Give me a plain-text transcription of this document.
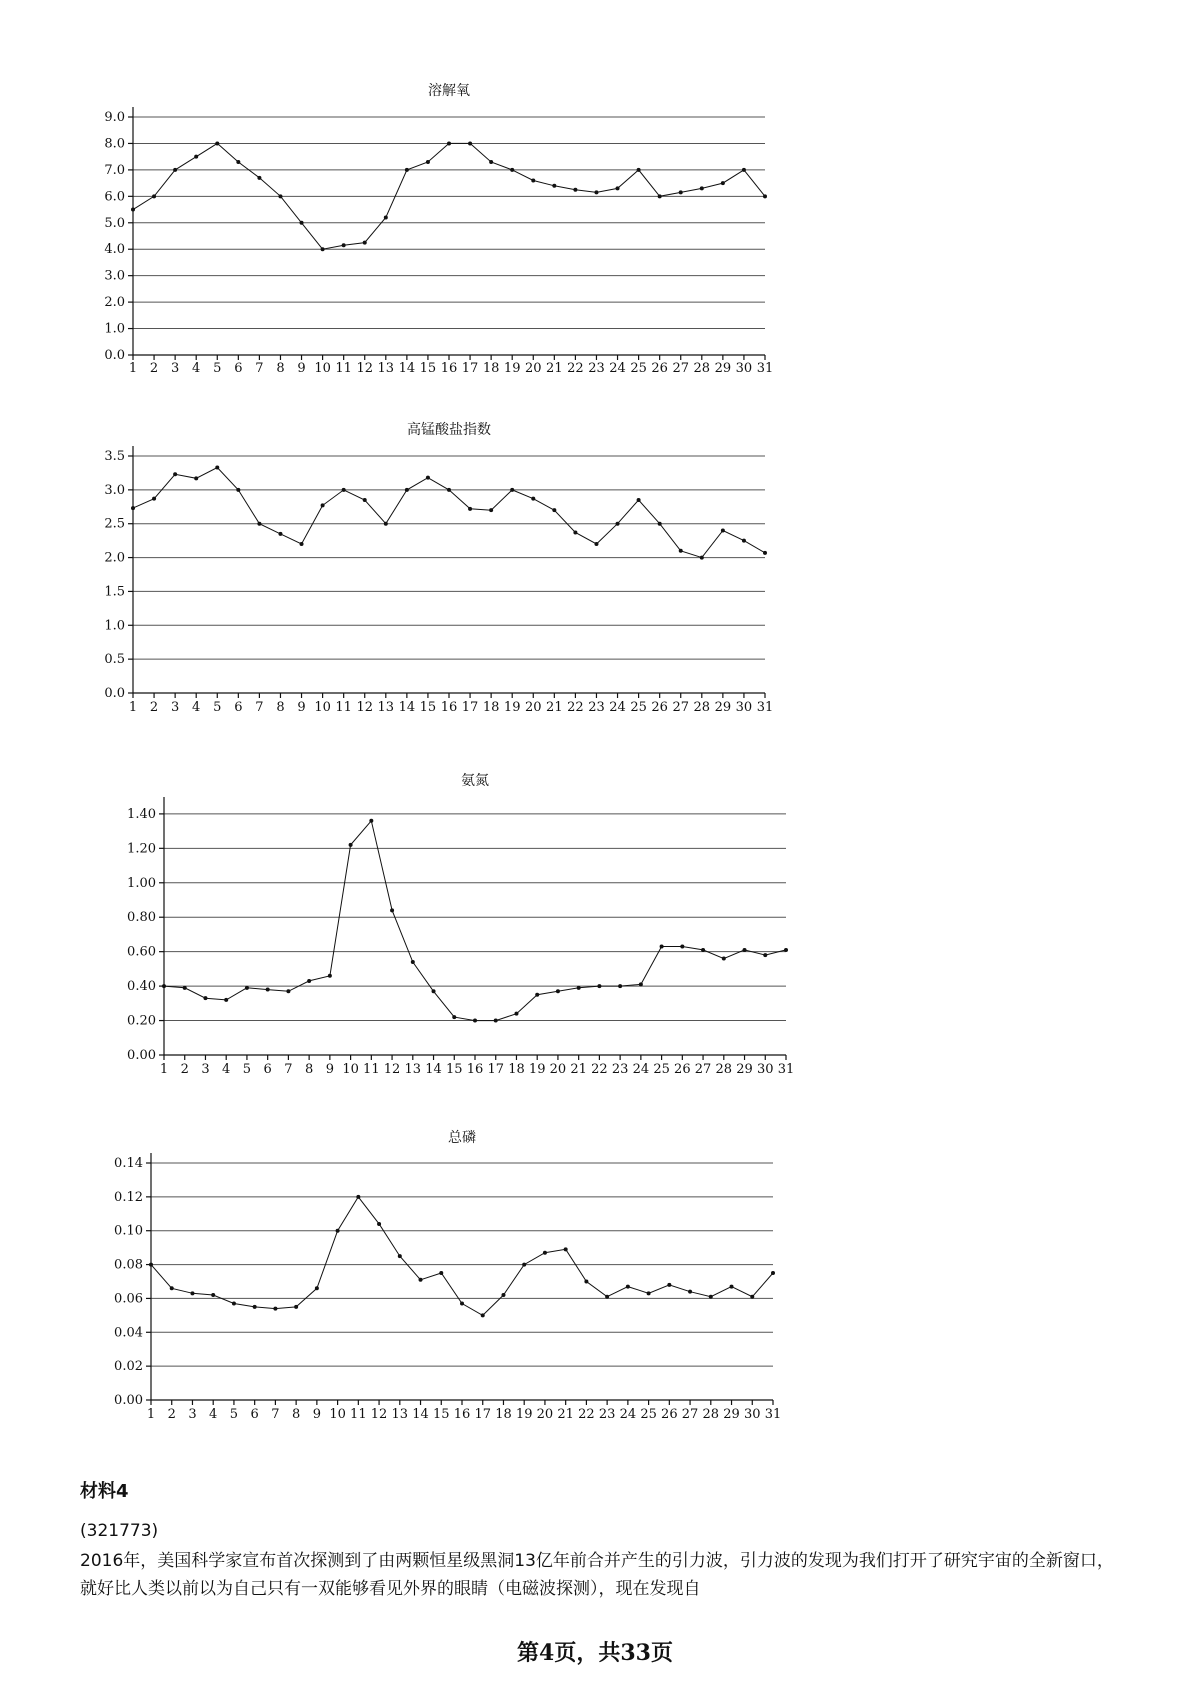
溶解氧
0.0
1.0
2.0
3.0
4.0
5.0
6.0
7.0
8.0
9.0
1 2 3 4 5 6 7 8 9 10 11 12 13 14 15 16 17 18 19 20 21 22 23 24 25 26 27 28 29 30 31
高锰酸盐指数
0.0
0.5
1.0
1.5
2.0
2.5
3.0
3.5
1 2 3 4 5 6 7 8 9 10 11 12 13 14 15 16 17 18 19 20 21 22 23 24 25 26 27 28 29 30 31
氨氮
0.00
0.20
0.40
0.60
0.80
1.00
1.20
1.40
1 2 3 4 5 6 7 8 9 10 11 12 13 14 15 16 17 18 19 20 21 22 23 24 25 26 27 28 29 30 31
总磷
0.00
0.02
0.04
0.06
0.08
0.10
0.12
0.14
1 2 3 4 5 6 7 8 9 10 11 12 13 14 15 16 17 18 19 20 21 22 23 24 25 26 27 28 29 30 31
材料4
(321773)
2016年，美国科学家宣布首次探测到了由两颗恒星级黑洞13亿年前合并产生的引力波，引力波的发现为我们打开了研究宇宙的全新窗口，就好比人类以前以为自己只有一双能够看见外界的眼睛（电磁波探测），现在发现自
第4页，共33页
